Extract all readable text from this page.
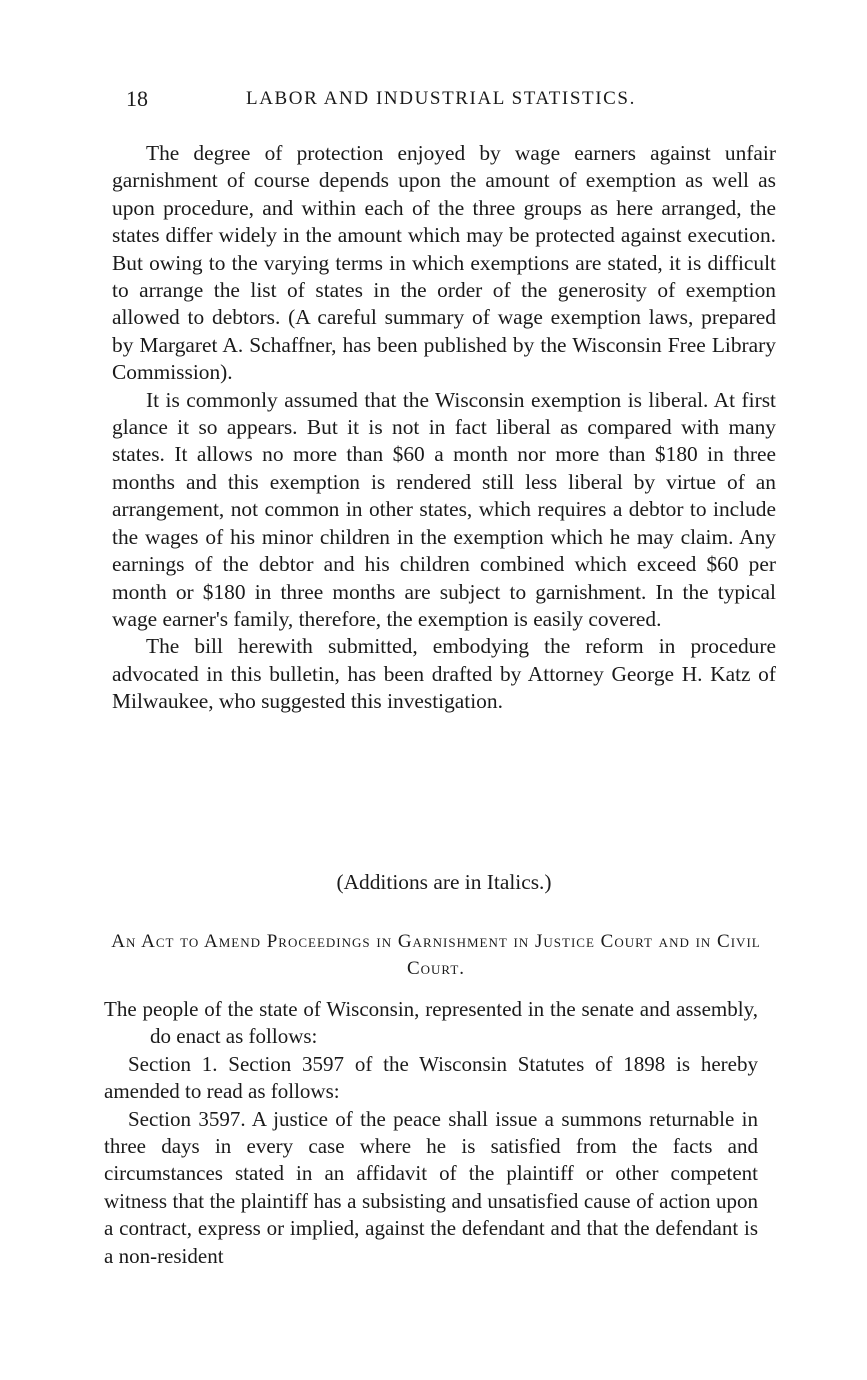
18	LABOR AND INDUSTRIAL STATISTICS.

The degree of protection enjoyed by wage earners against unfair garnishment of course depends upon the amount of exemption as well as upon procedure, and within each of the three groups as here arranged, the states differ widely in the amount which may be protected against execution. But owing to the varying terms in which exemptions are stated, it is difficult to arrange the list of states in the order of the generosity of exemption allowed to debtors. (A careful summary of wage exemption laws, prepared by Margaret A. Schaffner, has been published by the Wisconsin Free Library Commission).

It is commonly assumed that the Wisconsin exemption is liberal. At first glance it so appears. But it is not in fact liberal as compared with many states. It allows no more than $60 a month nor more than $180 in three months and this exemption is rendered still less liberal by virtue of an arrangement, not common in other states, which requires a debtor to include the wages of his minor children in the exemption which he may claim. Any earnings of the debtor and his children combined which exceed $60 per month or $180 in three months are subject to garnishment. In the typical wage earner's family, therefore, the exemption is easily covered.

The bill herewith submitted, embodying the reform in procedure advocated in this bulletin, has been drafted by Attorney George H. Katz of Milwaukee, who suggested this investigation.

(Additions are in Italics.)
An Act to Amend Proceedings in Garnishment in Justice Court and in Civil Court.

The people of the state of Wisconsin, represented in the senate and assembly, do enact as follows:

Section 1. Section 3597 of the Wisconsin Statutes of 1898 is hereby amended to read as follows:

Section 3597. A justice of the peace shall issue a summons returnable in three days in every case where he is satisfied from the facts and circumstances stated in an affidavit of the plaintiff or other competent witness that the plaintiff has a subsisting and unsatisfied cause of action upon a contract, express or implied, against the defendant and that the defendant is a non-resident
